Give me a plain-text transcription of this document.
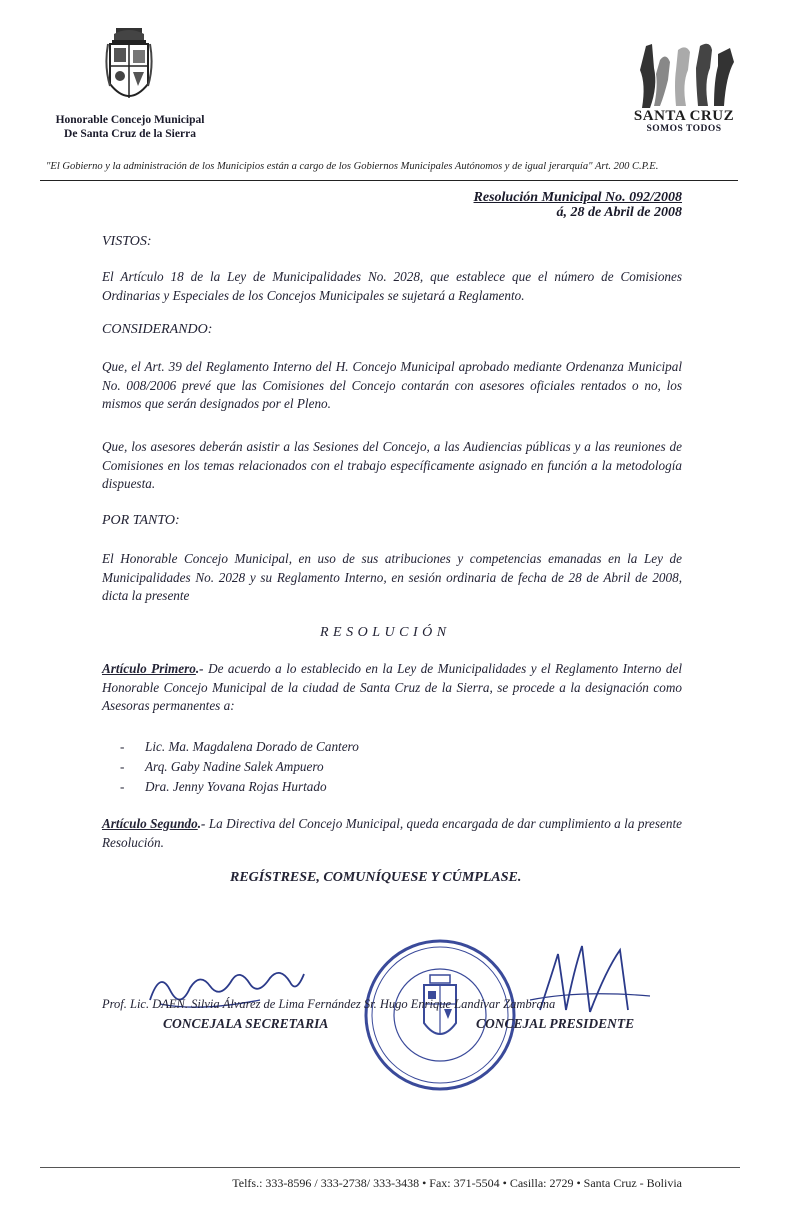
Honorable Concejo Municipal
De Santa Cruz de la Sierra
SANTA CRUZ
SOMOS TODOS
"El Gobierno y la administración de los Municipios están a cargo de los Gobiernos Municipales Autónomos y de igual jerarquía" Art. 200 C.P.E.
Resolución Municipal No. 092/2008
á, 28 de Abril de 2008
VISTOS:
El Artículo 18 de la Ley de Municipalidades No. 2028, que establece que el número de Comisiones Ordinarias y Especiales de los Concejos Municipales se sujetará a Reglamento.
CONSIDERANDO:
Que, el Art. 39 del Reglamento Interno del H. Concejo Municipal aprobado mediante Ordenanza Municipal No. 008/2006 prevé que las Comisiones del Concejo contarán con asesores oficiales rentados o no, los mismos que serán designados por el Pleno.
Que, los asesores deberán asistir a las Sesiones del Concejo, a las Audiencias públicas y a las reuniones de Comisiones en los temas relacionados con el trabajo específicamente asignado en función a la metodología dispuesta.
POR TANTO:
El Honorable Concejo Municipal, en uso de sus atribuciones y competencias emanadas en la Ley de Municipalidades No. 2028 y su Reglamento Interno, en sesión ordinaria de fecha de 28 de Abril de 2008, dicta la presente
RESOLUCIÓN
Artículo Primero.- De acuerdo a lo establecido en la Ley de Municipalidades y el Reglamento Interno del Honorable Concejo Municipal de la ciudad de Santa Cruz de la Sierra, se procede a la designación como Asesoras permanentes a:
- Lic. Ma. Magdalena Dorado de Cantero
- Arq. Gaby Nadine Salek Ampuero
- Dra. Jenny Yovana Rojas Hurtado
Artículo Segundo.- La Directiva del Concejo Municipal, queda encargada de dar cumplimiento a la presente Resolución.
REGÍSTRESE, COMUNÍQUESE Y CÚMPLASE.
Prof. Lic. DAEN. Silvia Álvarez de Lima Fernández Sr. Hugo Enrique Landívar Zambrana
CONCEJALA SECRETARIA	CONCEJAL PRESIDENTE
Telfs.: 333-8596 / 333-2738/ 333-3438 • Fax: 371-5504 • Casilla: 2729 • Santa Cruz - Bolivia
